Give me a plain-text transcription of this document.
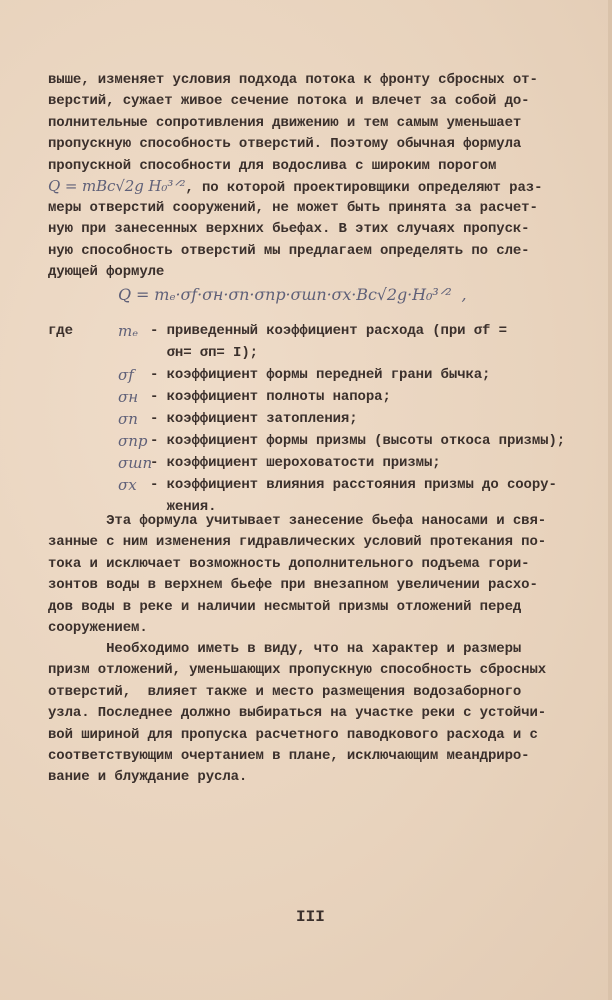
Q = mBc√2g H₀³ᐟ², по которой проектировщики определяют раз-
Q = mₑ·σf·σн·σп·σпр·σшп·σx·Bc√2g·H₀³ᐟ²  ,
где
III
выше, изменяет условия подхода потока к фронту сбросных от-
верстий, сужает живое сечение потока и влечет за собой до-
полнительные сопротивления движению и тем самым уменьшает
пропускную способность отверстий. Поэтому обычная формула
пропускной способности для водослива с широким порогом
меры отверстий сооружений, не может быть принята за расчет-
ную при занесенных верхних бьефах. В этих случаях пропуск-
ную способность отверстий мы предлагаем определять по сле-
дующей формуле
mₑ - приведенный коэффициент расхода (при σf =
σн= σп= I);
σf - коэффициент формы передней грани бычка;
σн - коэффициент полноты напора;
σп - коэффициент затопления;
σпр - коэффициент формы призмы (высоты откоса призмы);
σшп
- коэффициент шероховатости призмы;
σx - коэффициент влияния расстояния призмы до соору-
жения.
Эта формула учитывает занесение бьефа наносами и свя-
занные с ним изменения гидравлических условий протекания по-
тока и исключает возможность дополнительного подъема гори-
зонтов воды в верхнем бьефе при внезапном увеличении расхо-
дов воды в реке и наличии несмытой призмы отложений перед
сооружением.
Необходимо иметь в виду, что на характер и размеры
призм отложений, уменьшающих пропускную способность сбросных
отверстий,  влияет также и место размещения водозаборного
узла. Последнее должно выбираться на участке реки с устойчи-
вой шириной для пропуска расчетного паводкового расхода и с
соответствующим очертанием в плане, исключающим меандриро-
вание и блуждание русла.
